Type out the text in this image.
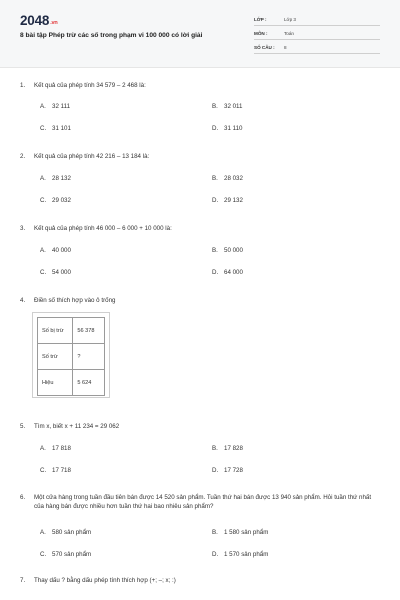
2048.vn
8 bài tập Phép trừ các số trong phạm vi 100 000 có lời giải
LỚP :	Lớp 3
MÔN :	Toán
SỐ CÂU : 8
1. Kết quả của phép tính 34 579 – 2 468 là:
A. 32 111	B. 32 011
C. 31 101	D. 31 110
2. Kết quả của phép tính 42 216 – 13 184 là:
A. 28 132	B. 28 032
C. 29 032	D. 29 132
3. Kết quả của phép tính 46 000 – 6 000 + 10 000 là:
A. 40 000	B. 50 000
C. 54 000	D. 64 000
4. Điền số thích hợp vào ô trống
Số bị trừ	56 378
Số trừ	?
Hiệu	5 624
5. Tìm x, biết x + 11 234 = 29 062
A. 17 818	B. 17 828
C. 17 718	D. 17 728
6. Một cửa hàng trong tuần đầu tiên bán được 14 520 sản phẩm. Tuần thứ hai bán được 13 940 sản phẩm. Hỏi tuần thứ nhất của hàng bán được nhiều hơn tuần thứ hai bao nhiêu sản phẩm?
A. 580 sản phẩm	B. 1 580 sản phẩm
C. 570 sản phẩm	D. 1 570 sản phẩm
7. Thay dấu ? bằng dấu phép tính thích hợp (+; –; x; :)
